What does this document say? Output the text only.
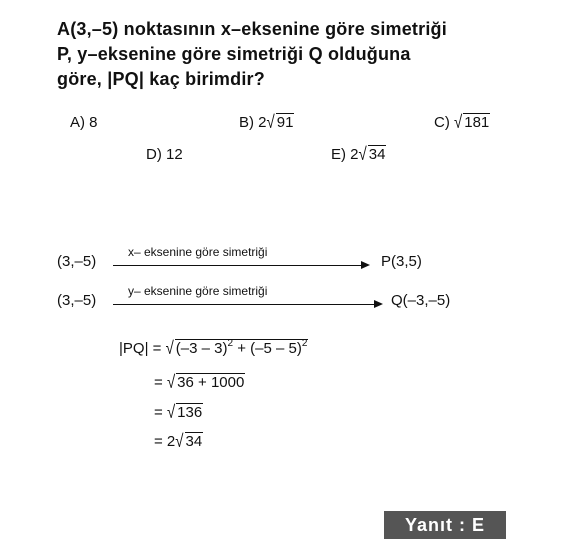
A(3,–5) noktasının x–eksenine göre simetriği
P, y–eksenine göre simetriği Q olduğuna
göre, |PQ| kaç birimdir?
A) 8	B) 2√ 91	C) √ 181
D) 12	E) 2√ 34
(3,–5)
x– eksenine göre simetriği
P(3,5)
(3,–5)
y– eksenine göre simetriği
Q(–3,–5)
|PQ| = √ (–3 – 3)$^2$ + (–5 – 5)$^2$
= √ 36 + 1000
= √ 136
= 2√ 34
Yanıt : E
